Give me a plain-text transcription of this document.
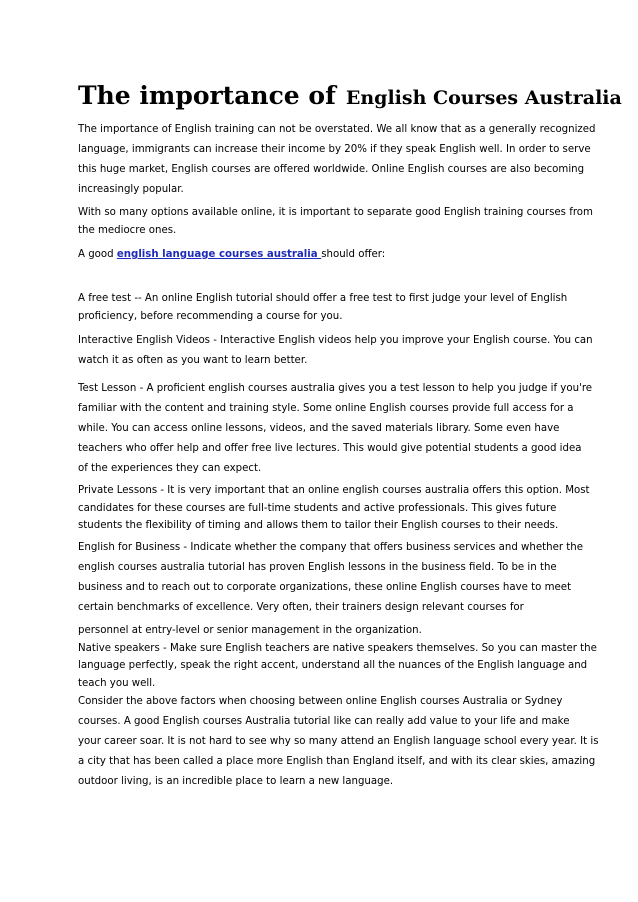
The importance of English Courses Australia
The importance of English training can not be overstated. We all know that as a generally recognized
language, immigrants can increase their income by 20% if they speak English well. In order to serve
this huge market, English courses are offered worldwide. Online English courses are also becoming
increasingly popular.
With so many options available online, it is important to separate good English training courses from
the mediocre ones.
A good english language courses australia should offer:
A free test -- An online English tutorial should offer a free test to first judge your level of English
proficiency, before recommending a course for you.
Interactive English Videos - Interactive English videos help you improve your English course. You can
watch it as often as you want to learn better.
Test Lesson - A proficient english courses australia gives you a test lesson to help you judge if you're
familiar with the content and training style. Some online English courses provide full access for a
while. You can access online lessons, videos, and the saved materials library. Some even have
teachers who offer help and offer free live lectures. This would give potential students a good idea
of the experiences they can expect.
Private Lessons - It is very important that an online english courses australia offers this option. Most
candidates for these courses are full-time students and active professionals. This gives future
students the flexibility of timing and allows them to tailor their English courses to their needs.
English for Business - Indicate whether the company that offers business services and whether the
english courses australia tutorial has proven English lessons in the business field. To be in the
business and to reach out to corporate organizations, these online English courses have to meet
certain benchmarks of excellence. Very often, their trainers design relevant courses for
personnel at entry-level or senior management in the organization.
Native speakers - Make sure English teachers are native speakers themselves. So you can master the
language perfectly, speak the right accent, understand all the nuances of the English language and
teach you well.
Consider the above factors when choosing between online English courses Australia or Sydney
courses. A good English courses Australia tutorial like can really add value to your life and make
your career soar. It is not hard to see why so many attend an English language school every year. It is
a city that has been called a place more English than England itself, and with its clear skies, amazing
outdoor living, is an incredible place to learn a new language.
